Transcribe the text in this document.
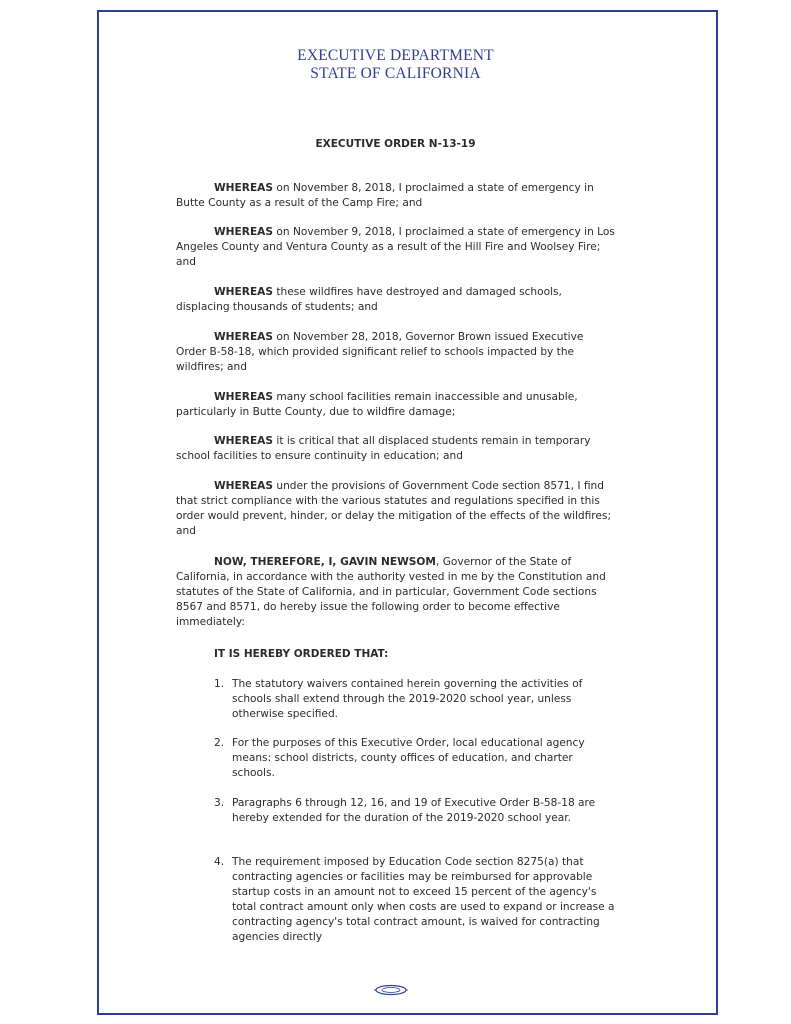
EXECUTIVE DEPARTMENT
STATE OF CALIFORNIA
EXECUTIVE ORDER N-13-19

WHEREAS on November 8, 2018, I proclaimed a state of emergency in Butte County as a result of the Camp Fire; and

WHEREAS on November 9, 2018, I proclaimed a state of emergency in Los Angeles County and Ventura County as a result of the Hill Fire and Woolsey Fire; and

WHEREAS these wildfires have destroyed and damaged schools, displacing thousands of students; and

WHEREAS on November 28, 2018, Governor Brown issued Executive Order B-58-18, which provided significant relief to schools impacted by the wildfires; and

WHEREAS many school facilities remain inaccessible and unusable, particularly in Butte County, due to wildfire damage;

WHEREAS it is critical that all displaced students remain in temporary school facilities to ensure continuity in education; and

WHEREAS under the provisions of Government Code section 8571, I find that strict compliance with the various statutes and regulations specified in this order would prevent, hinder, or delay the mitigation of the effects of the wildfires; and

NOW, THEREFORE, I, GAVIN NEWSOM, Governor of the State of California, in accordance with the authority vested in me by the Constitution and statutes of the State of California, and in particular, Government Code sections 8567 and 8571, do hereby issue the following order to become effective immediately:

IT IS HEREBY ORDERED THAT:

1. The statutory waivers contained herein governing the activities of schools shall extend through the 2019-2020 school year, unless otherwise specified.
2. For the purposes of this Executive Order, local educational agency means: school districts, county offices of education, and charter schools.
3. Paragraphs 6 through 12, 16, and 19 of Executive Order B-58-18 are hereby extended for the duration of the 2019-2020 school year.
4. The requirement imposed by Education Code section 8275(a) that contracting agencies or facilities may be reimbursed for approvable startup costs in an amount not to exceed 15 percent of the agency's total contract amount only when costs are used to expand or increase a contracting agency's total contract amount, is waived for contracting agencies directly
